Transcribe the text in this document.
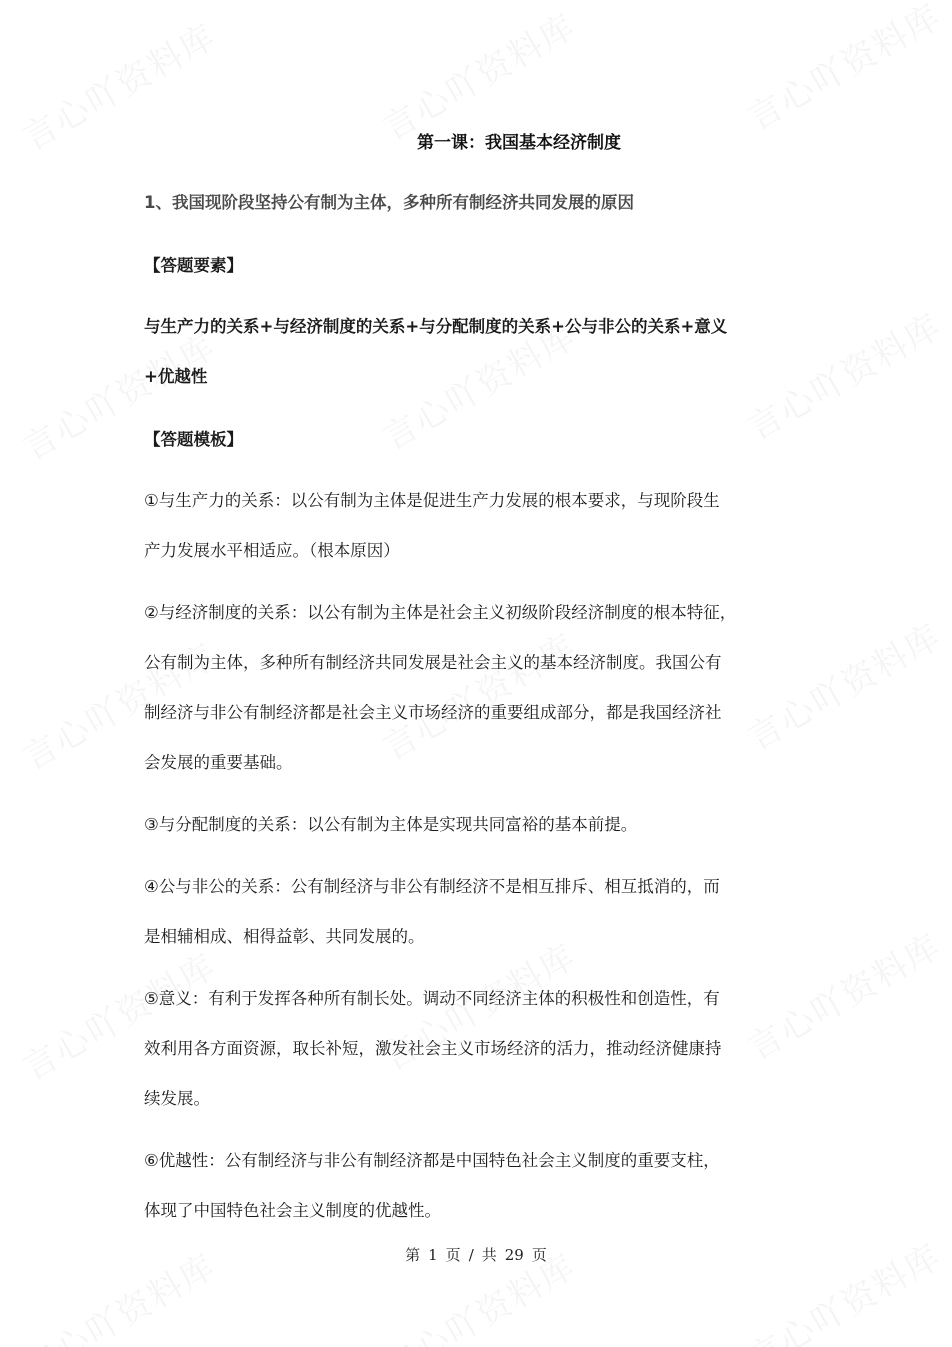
第一课：我国基本经济制度
1、我国现阶段坚持公有制为主体，多种所有制经济共同发展的原因
【答题要素】
与生产力的关系+与经济制度的关系+与分配制度的关系+公与非公的关系+意义
+优越性
【答题模板】
①与生产力的关系：以公有制为主体是促进生产力发展的根本要求，与现阶段生
产力发展水平相适应。（根本原因）
②与经济制度的关系：以公有制为主体是社会主义初级阶段经济制度的根本特征，
公有制为主体，多种所有制经济共同发展是社会主义的基本经济制度。我国公有
制经济与非公有制经济都是社会主义市场经济的重要组成部分，都是我国经济社
会发展的重要基础。
③与分配制度的关系：以公有制为主体是实现共同富裕的基本前提。
④公与非公的关系：公有制经济与非公有制经济不是相互排斥、相互抵消的，而
是相辅相成、相得益彰、共同发展的。
⑤意义：有利于发挥各种所有制长处。调动不同经济主体的积极性和创造性，有
效利用各方面资源，取长补短，激发社会主义市场经济的活力，推动经济健康持
续发展。
⑥优越性：公有制经济与非公有制经济都是中国特色社会主义制度的重要支柱，
体现了中国特色社会主义制度的优越性。
第 1 页 / 共 29 页
